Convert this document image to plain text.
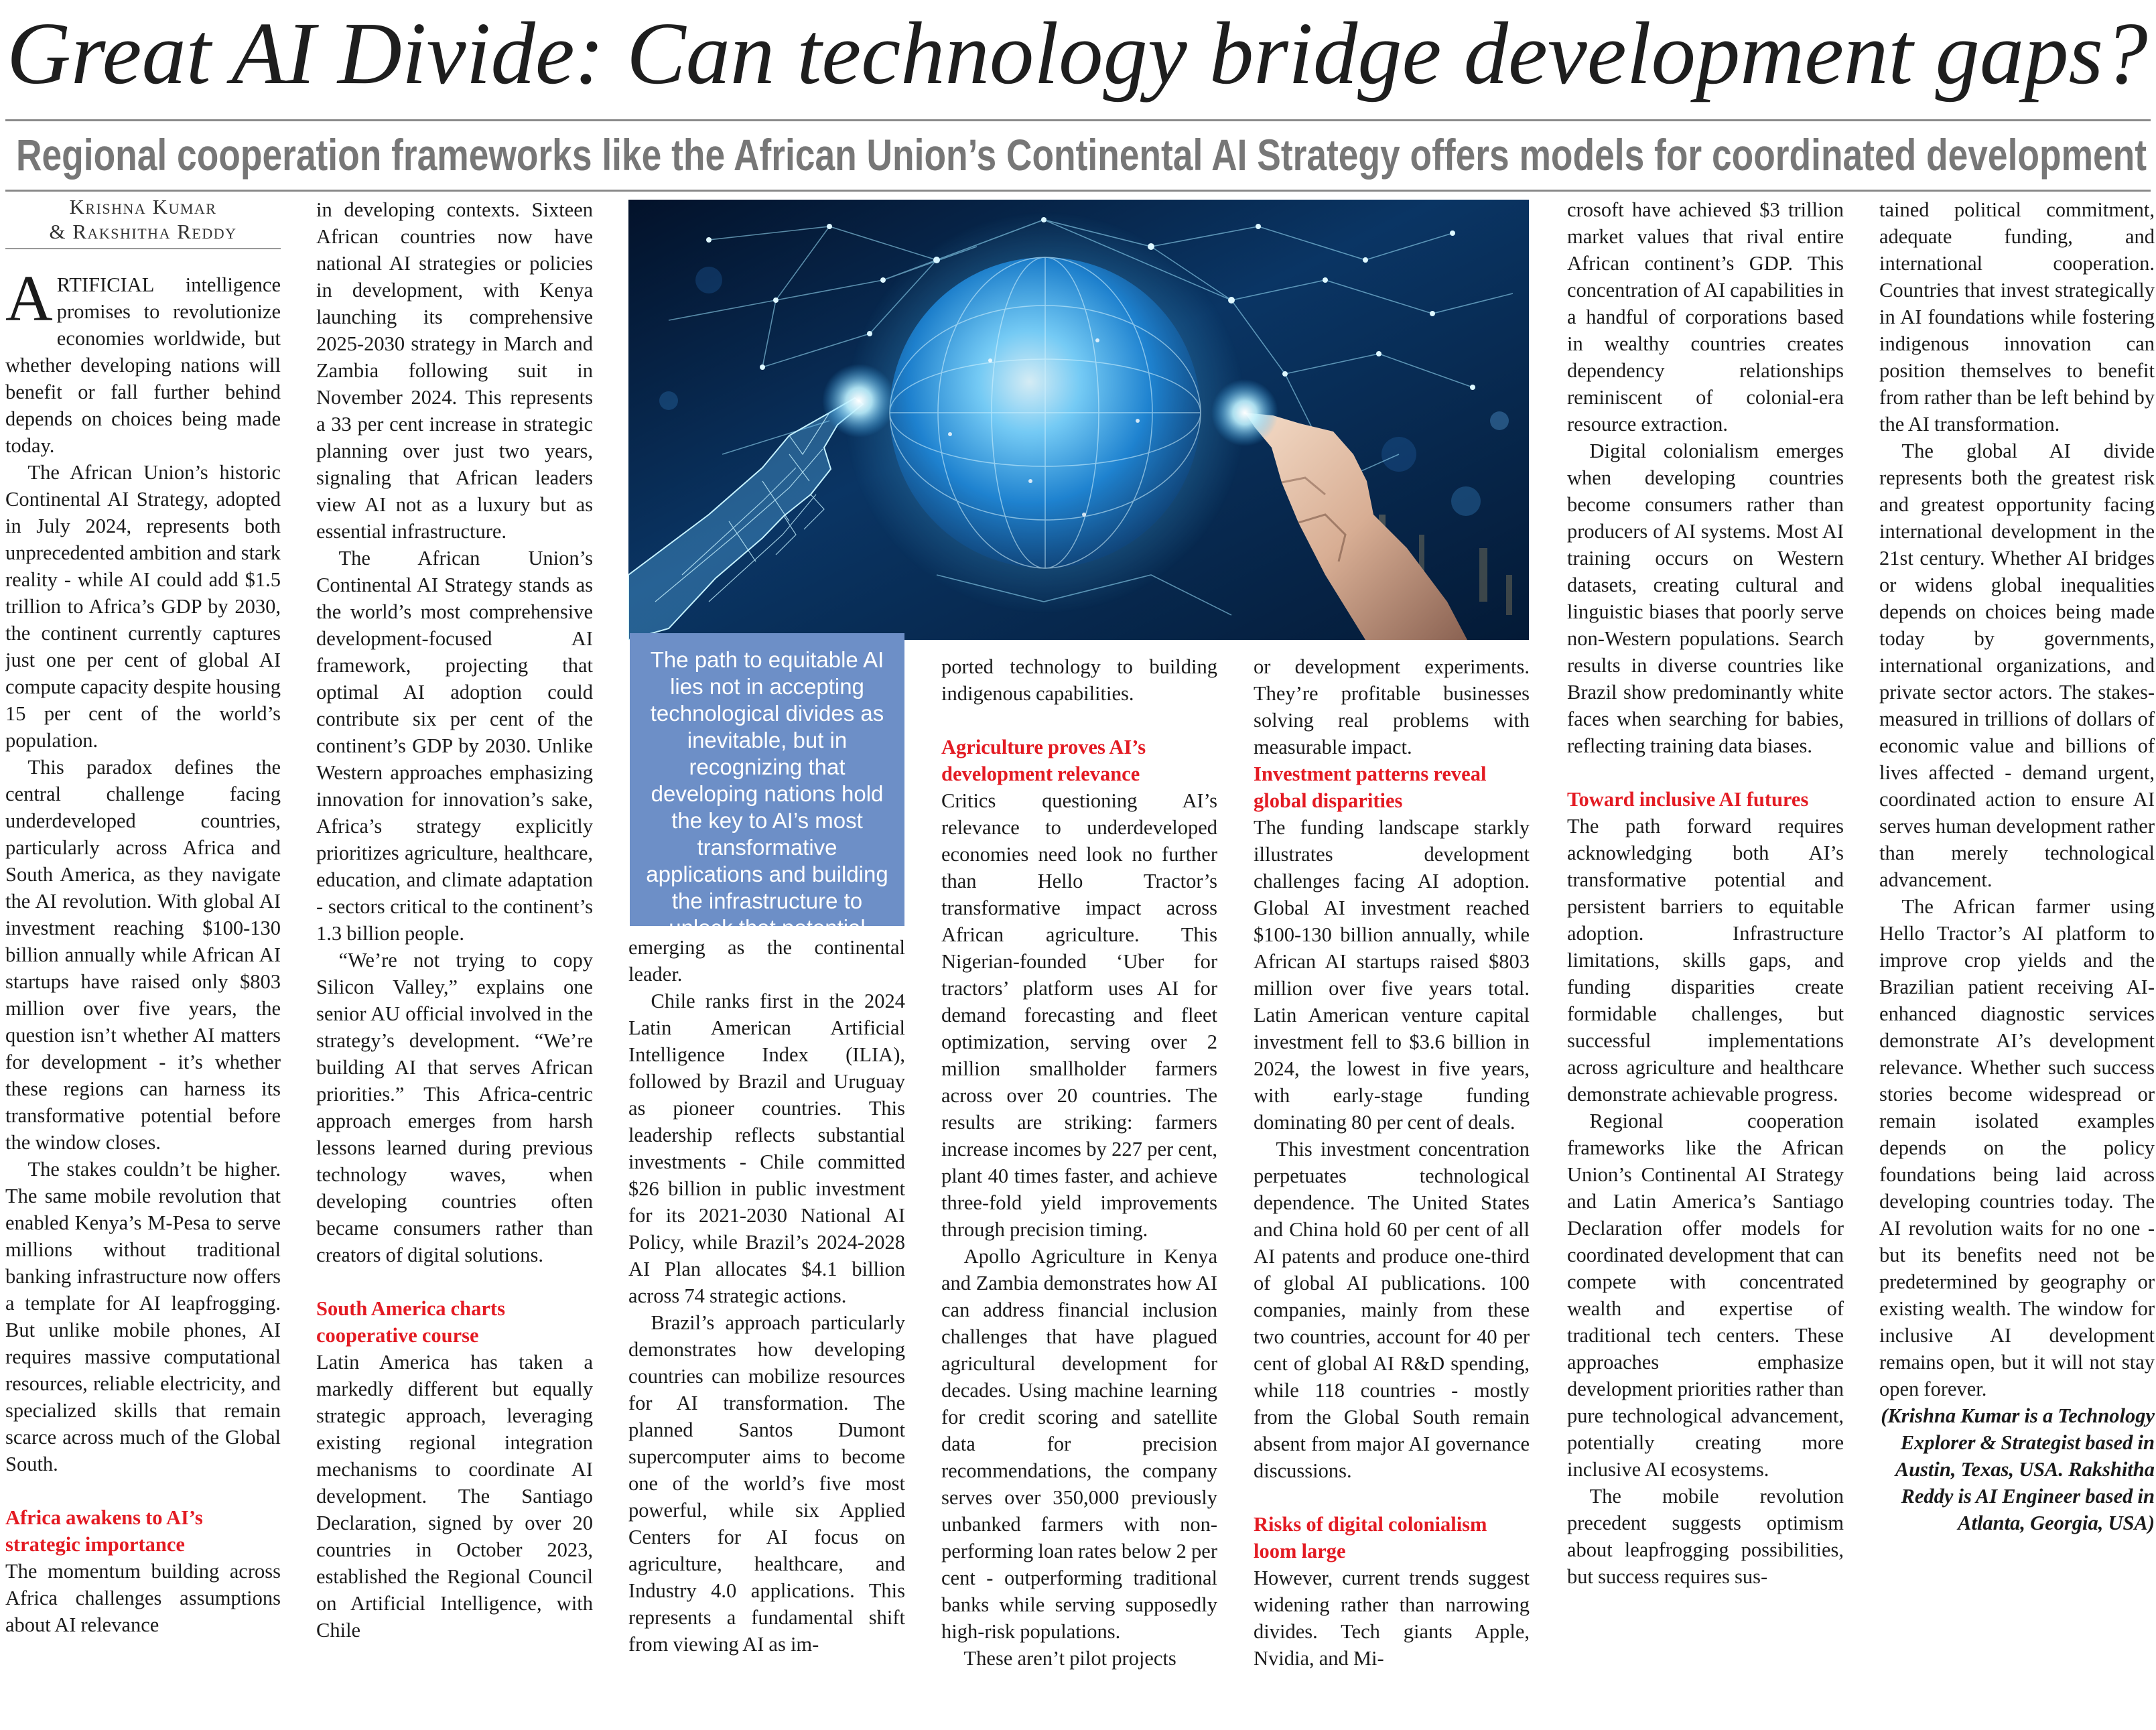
Great AI Divide: Can technology bridge development gaps?
Regional cooperation frameworks like the African Union’s Continental AI Strategy offers models for coordinated development
Krishna Kumar
& Rakshitha Reddy

ARTIFICIAL intelligence promises to revolutionize economies worldwide, but whether developing nations will benefit or fall further behind depends on choices being made today.

The African Union’s historic Continental AI Strategy, adopted in July 2024, represents both unprecedented ambition and stark reality - while AI could add $1.5 trillion to Africa’s GDP by 2030, the continent currently captures just one per cent of global AI compute capacity despite housing 15 per cent of the world’s population.

This paradox defines the central challenge facing underdeveloped countries, particularly across Africa and South America, as they navigate the AI revolution. With global AI investment reaching $100-130 billion annually while African AI startups have raised only $803 million over five years, the question isn’t whether AI matters for development - it’s whether these regions can harness its transformative potential before the window closes.

The stakes couldn’t be higher. The same mobile revolution that enabled Kenya’s M-Pesa to serve millions without traditional banking infrastructure now offers a template for AI leapfrogging. But unlike mobile phones, AI requires massive computational resources, reliable electricity, and specialized skills that remain scarce across much of the Global South.

Africa awakens to AI’s strategic importance

The momentum building across Africa challenges assumptions about AI relevance

in developing contexts. Sixteen African countries now have national AI strategies or policies in development, with Kenya launching its comprehensive 2025-2030 strategy in March and Zambia following suit in November 2024. This represents a 33 per cent increase in strategic planning over just two years, signaling that African leaders view AI not as a luxury but as essential infrastructure.

The African Union’s Continental AI Strategy stands as the world’s most comprehensive development-focused AI framework, projecting that optimal AI adoption could contribute six per cent of the continent’s GDP by 2030. Unlike Western approaches emphasizing innovation for innovation’s sake, Africa’s strategy explicitly prioritizes agriculture, healthcare, education, and climate adaptation - sectors critical to the continent’s 1.3 billion people.

“We’re not trying to copy Silicon Valley,” explains one senior AU official involved in the strategy’s development. “We’re building AI that serves African priorities.” This Africa-centric approach emerges from harsh lessons learned during previous technology waves, when developing countries often became consumers rather than creators of digital solutions.

South America charts cooperative course

Latin America has taken a markedly different but equally strategic approach, leveraging existing regional integration mechanisms to coordinate AI development. The Santiago Declaration, signed by over 20 countries in October 2023, established the Regional Council on Artificial Intelligence, with Chile

The path to equitable AI lies not in accepting technological divides as inevitable, but in recognizing that developing nations hold the key to AI’s most transformative applications and building the infrastructure to unlock that potential

emerging as the continental leader.

Chile ranks first in the 2024 Latin American Artificial Intelligence Index (ILIA), followed by Brazil and Uruguay as pioneer countries. This leadership reflects substantial investments - Chile committed $26 billion in public investment for its 2021-2030 National AI Policy, while Brazil’s 2024-2028 AI Plan allocates $4.1 billion across 74 strategic actions.

Brazil’s approach particularly demonstrates how developing countries can mobilize resources for AI transformation. The planned Santos Dumont supercomputer aims to become one of the world’s five most powerful, while six Applied Centers for AI focus on agriculture, healthcare, and Industry 4.0 applications. This represents a fundamental shift from viewing AI as im-

ported technology to building indigenous capabilities.

Agriculture proves AI’s development relevance

Critics questioning AI’s relevance to underdeveloped economies need look no further than Hello Tractor’s transformative impact across African agriculture. This Nigerian-founded ‘Uber for tractors’ platform uses AI for demand forecasting and fleet optimization, serving over 2 million smallholder farmers across over 20 countries. The results are striking: farmers increase incomes by 227 per cent, plant 40 times faster, and achieve three-fold yield improvements through precision timing.

Apollo Agriculture in Kenya and Zambia demonstrates how AI can address financial inclusion challenges that have plagued agricultural development for decades. Using machine learning for credit scoring and satellite data for precision recommendations, the company serves over 350,000 previously unbanked farmers with non-performing loan rates below 2 per cent - outperforming traditional banks while serving supposedly high-risk populations.

These aren’t pilot projects

or development experiments. They’re profitable businesses solving real problems with measurable impact.

Investment patterns reveal global disparities

The funding landscape starkly illustrates development challenges facing AI adoption. Global AI investment reached $100-130 billion annually, while African AI startups raised $803 million over five years total. Latin American venture capital investment fell to $3.6 billion in 2024, the lowest in five years, with early-stage funding dominating 80 per cent of deals.

This investment concentration perpetuates technological dependence. The United States and China hold 60 per cent of all AI patents and produce one-third of global AI publications. 100 companies, mainly from these two countries, account for 40 per cent of global AI R&D spending, while 118 countries - mostly from the Global South remain absent from major AI governance discussions.

Risks of digital colonialism loom large

However, current trends suggest widening rather than narrowing divides. Tech giants Apple, Nvidia, and Mi-

crosoft have achieved $3 trillion market values that rival entire African continent’s GDP. This concentration of AI capabilities in a handful of corporations based in wealthy countries creates dependency relationships reminiscent of colonial-era resource extraction.

Digital colonialism emerges when developing countries become consumers rather than producers of AI systems. Most AI training occurs on Western datasets, creating cultural and linguistic biases that poorly serve non-Western populations. Search results in diverse countries like Brazil show predominantly white faces when searching for babies, reflecting training data biases.

Toward inclusive AI futures

The path forward requires acknowledging both AI’s transformative potential and persistent barriers to equitable adoption. Infrastructure limitations, skills gaps, and funding disparities create formidable challenges, but successful implementations across agriculture and healthcare demonstrate achievable progress.

Regional cooperation frameworks like the African Union’s Continental AI Strategy and Latin America’s Santiago Declaration offer models for coordinated development that can compete with concentrated wealth and expertise of traditional tech centers. These approaches emphasize development priorities rather than pure technological advancement, potentially creating more inclusive AI ecosystems.

The mobile revolution precedent suggests optimism about leapfrogging possibilities, but success requires sus-

tained political commitment, adequate funding, and international cooperation. Countries that invest strategically in AI foundations while fostering indigenous innovation can position themselves to benefit from rather than be left behind by the AI transformation.

The global AI divide represents both the greatest risk and greatest opportunity facing international development in the 21st century. Whether AI bridges or widens global inequalities depends on choices being made today by governments, international organizations, and private sector actors. The stakes-measured in trillions of dollars of economic value and billions of lives affected - demand urgent, coordinated action to ensure AI serves human development rather than merely technological advancement.

The African farmer using Hello Tractor’s AI platform to improve crop yields and the Brazilian patient receiving AI-enhanced diagnostic services demonstrate AI’s development relevance. Whether such success stories become widespread or remain isolated examples depends on the policy foundations being laid across developing countries today. The AI revolution waits for no one - but its benefits need not be predetermined by geography or existing wealth. The window for inclusive AI development remains open, but it will not stay open forever.

(Krishna Kumar is a Technology Explorer & Strategist based in Austin, Texas, USA. Rakshitha Reddy is AI Engineer based in Atlanta, Georgia, USA)
